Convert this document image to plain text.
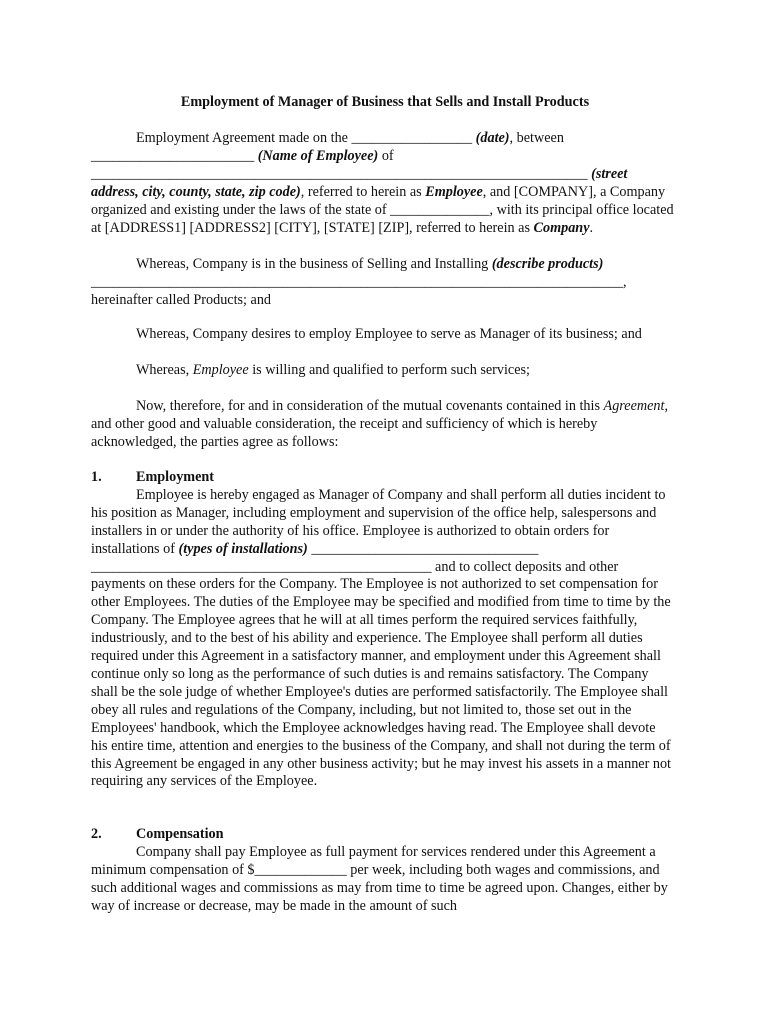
Employment of Manager of Business that Sells and Install Products

Employment Agreement made on the _________________ (date), between _______________________ (Name of Employee) of ______________________________________________________________________ (street address, city, county, state, zip code), referred to herein as Employee, and [COMPANY], a Company organized and existing under the laws of the state of ______________, with its principal office located at [ADDRESS1] [ADDRESS2] [CITY], [STATE] [ZIP], referred to herein as Company.

Whereas, Company is in the business of Selling and Installing (describe products) ___________________________________________________________________________, hereinafter called Products; and

Whereas, Company desires to employ Employee to serve as Manager of its business; and

Whereas, Employee is willing and qualified to perform such services;

Now, therefore, for and in consideration of the mutual covenants contained in this Agreement, and other good and valuable consideration, the receipt and sufficiency of which is hereby acknowledged, the parties agree as follows:

1.	Employment

Employee is hereby engaged as Manager of Company and shall perform all duties incident to his position as Manager, including employment and supervision of the office help, salespersons and installers in or under the authority of his office. Employee is authorized to obtain orders for installations of (types of installations) ________________________________ ________________________________________________ and to collect deposits and other payments on these orders for the Company. The Employee is not authorized to set compensation for other Employees. The duties of the Employee may be specified and modified from time to time by the Company. The Employee agrees that he will at all times perform the required services faithfully, industriously, and to the best of his ability and experience. The Employee shall perform all duties required under this Agreement in a satisfactory manner, and employment under this Agreement shall continue only so long as the performance of such duties is and remains satisfactory. The Company shall be the sole judge of whether Employee's duties are performed satisfactorily. The Employee shall obey all rules and regulations of the Company, including, but not limited to, those set out in the Employees' handbook, which the Employee acknowledges having read. The Employee shall devote his entire time, attention and energies to the business of the Company, and shall not during the term of this Agreement be engaged in any other business activity; but he may invest his assets in a manner not requiring any services of the Employee.

2.	Compensation

Company shall pay Employee as full payment for services rendered under this Agreement a minimum compensation of $_____________ per week, including both wages and commissions, and such additional wages and commissions as may from time to time be agreed upon. Changes, either by way of increase or decrease, may be made in the amount of such
